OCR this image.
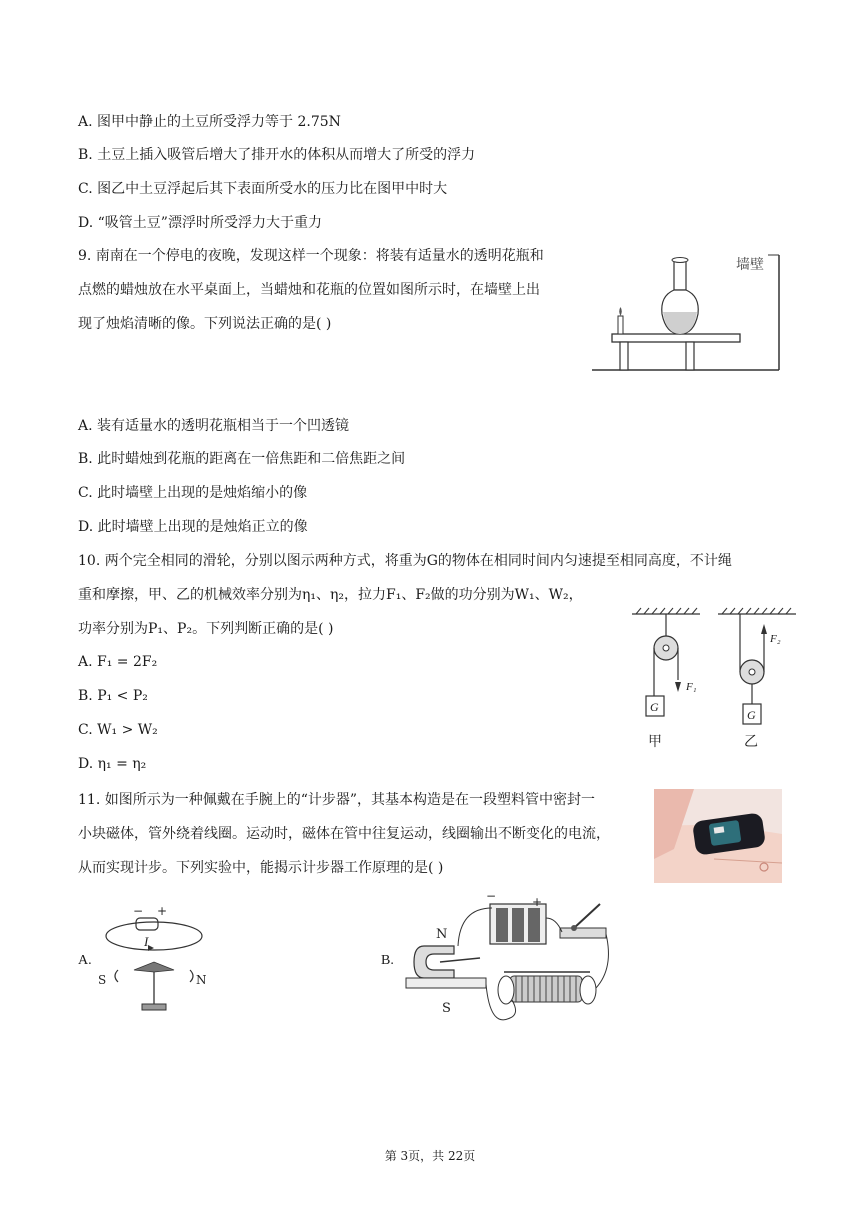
A. 图甲中静止的土豆所受浮力等于 2.75N
B. 土豆上插入吸管后增大了排开水的体积从而增大了所受的浮力
C. 图乙中土豆浮起后其下表面所受水的压力比在图甲中时大
D. “吸管土豆”漂浮时所受浮力大于重力
9. 南南在一个停电的夜晚，发现这样一个现象：将装有适量水的透明花瓶和
点燃的蜡烛放在水平桌面上，当蜡烛和花瓶的位置如图所示时，在墙壁上出
现了烛焰清晰的像。下列说法正确的是( )
墙壁
A. 装有适量水的透明花瓶相当于一个凹透镜
B. 此时蜡烛到花瓶的距离在一倍焦距和二倍焦距之间
C. 此时墙壁上出现的是烛焰缩小的像
D. 此时墙壁上出现的是烛焰正立的像
10. 两个完全相同的滑轮，分别以图示两种方式，将重为G的物体在相同时间内匀速提至相同高度，不计绳
重和摩擦，甲、乙的机械效率分别为η₁、η₂，拉力F₁、F₂做的功分别为W₁、W₂，
功率分别为P₁、P₂。下列判断正确的是( )
A. F₁ = 2F₂
B. P₁ < P₂
C. W₁ > W₂
D. η₁ = η₂
F₁
G
甲
F₂
G
乙
11. 如图所示为一种佩戴在手腕上的“计步器”，其基本构造是在一段塑料管中密封一
小块磁体，管外绕着线圈。运动时，磁体在管中往复运动，线圈输出不断变化的电流，
从而实现计步。下列实验中，能揭示计步器工作原理的是( )
A.
− +
I
S	N
B.
−	+
N
S
第 3页，共 22页
